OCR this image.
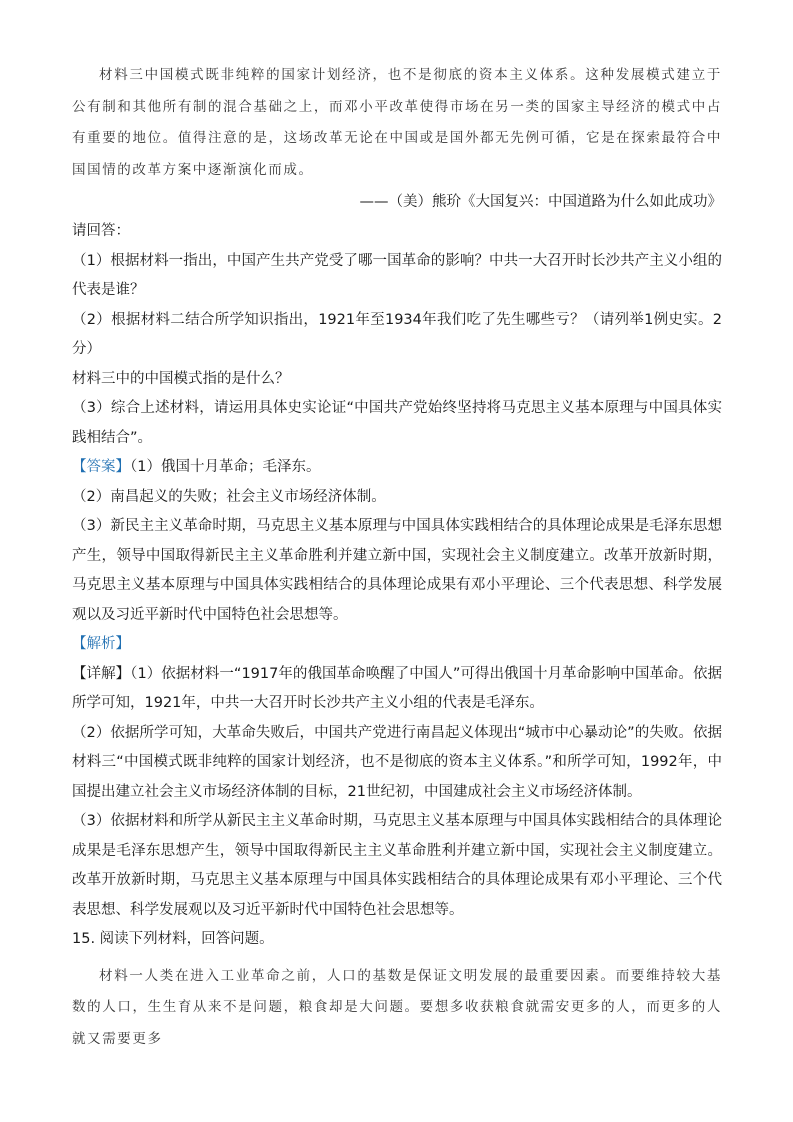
材料三中国模式既非纯粹的国家计划经济，也不是彻底的资本主义体系。这种发展模式建立于公有制和其他所有制的混合基础之上，而邓小平改革使得市场在另一类的国家主导经济的模式中占有重要的地位。值得注意的是，这场改革无论在中国或是国外都无先例可循，它是在探索最符合中国国情的改革方案中逐渐演化而成。

——（美）熊玠《大国复兴：中国道路为什么如此成功》

请回答：

（1）根据材料一指出，中国产生共产党受了哪一国革命的影响？中共一大召开时长沙共产主义小组的代表是谁？

（2）根据材料二结合所学知识指出，1921年至1934年我们吃了先生哪些亏？（请列举1例史实。2分）

材料三中的中国模式指的是什么？

（3）综合上述材料，请运用具体史实论证“中国共产党始终坚持将马克思主义基本原理与中国具体实践相结合”。

【答案】（1）俄国十月革命；毛泽东。

（2）南昌起义的失败；社会主义市场经济体制。

（3）新民主主义革命时期，马克思主义基本原理与中国具体实践相结合的具体理论成果是毛泽东思想产生，领导中国取得新民主主义革命胜利并建立新中国，实现社会主义制度建立。改革开放新时期，马克思主义基本原理与中国具体实践相结合的具体理论成果有邓小平理论、三个代表思想、科学发展观以及习近平新时代中国特色社会思想等。

【解析】

【详解】（1）依据材料一“1917年的俄国革命唤醒了中国人”可得出俄国十月革命影响中国革命。依据所学可知，1921年，中共一大召开时长沙共产主义小组的代表是毛泽东。

（2）依据所学可知，大革命失败后，中国共产党进行南昌起义体现出“城市中心暴动论”的失败。依据材料三“中国模式既非纯粹的国家计划经济，也不是彻底的资本主义体系。”和所学可知，1992年，中国提出建立社会主义市场经济体制的目标，21世纪初，中国建成社会主义市场经济体制。

（3）依据材料和所学从新民主主义革命时期，马克思主义基本原理与中国具体实践相结合的具体理论成果是毛泽东思想产生，领导中国取得新民主主义革命胜利并建立新中国，实现社会主义制度建立。改革开放新时期，马克思主义基本原理与中国具体实践相结合的具体理论成果有邓小平理论、三个代表思想、科学发展观以及习近平新时代中国特色社会思想等。

15. 阅读下列材料，回答问题。

材料一人类在进入工业革命之前，人口的基数是保证文明发展的最重要因素。而要维持较大基数的人口，生生育从来不是问题，粮食却是大问题。要想多收获粮食就需安更多的人，而更多的人就又需要更多
